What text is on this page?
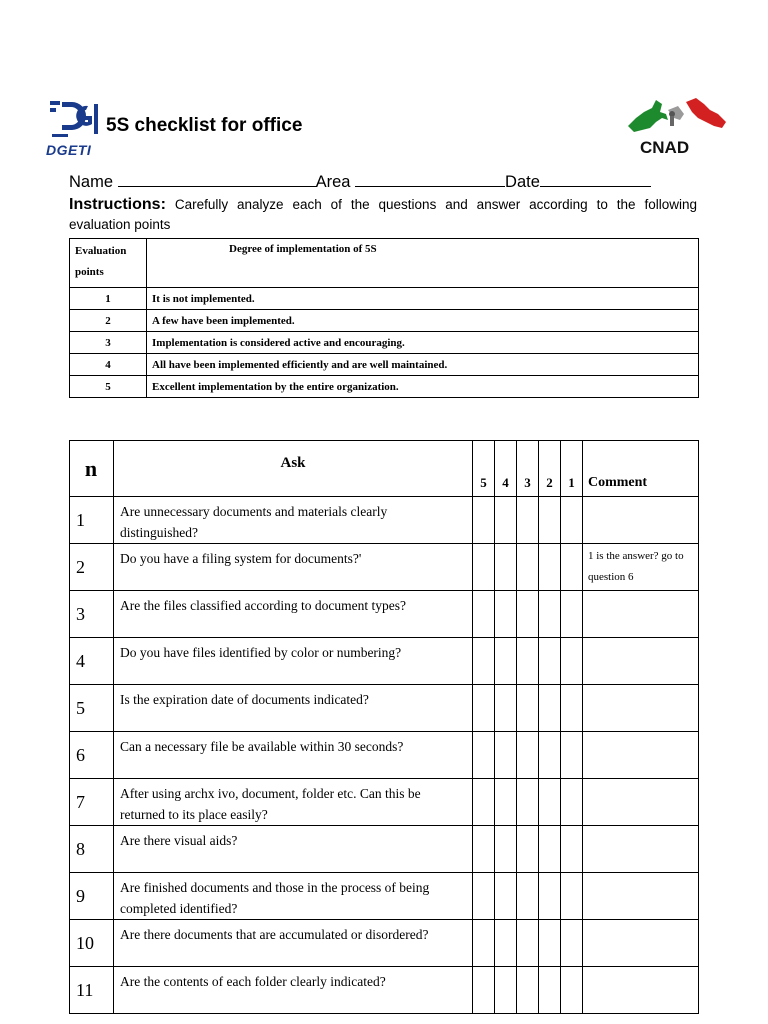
DGETI
5S checklist for office
CNAD
Name	Area	Date
Instructions: Carefully analyze each of the questions and answer according to the following evaluation points
Evaluation points	Degree of implementation of 5S
1	It is not implemented.
2	A few have been implemented.
3	Implementation is considered active and encouraging.
4	All have been implemented efficiently and are well maintained.
5	Excellent implementation by the entire organization.
n	Ask	5	4	3	2	1	Comment
1	Are unnecessary documents and materials clearly distinguished?						
2	Do you have a filing system for documents?'						1 is the answer? go to question 6
3	Are the files classified according to document types?						
4	Do you have files identified by color or numbering?						
5	Is the expiration date of documents indicated?						
6	Can a necessary file be available within 30 seconds?						
7	After using archx ivo, document, folder etc. Can this be returned to its place easily?						
8	Are there visual aids?						
9	Are finished documents and those in the process of being completed identified?						
10	Are there documents that are accumulated or disordered?						
11	Are the contents of each folder clearly indicated?						
